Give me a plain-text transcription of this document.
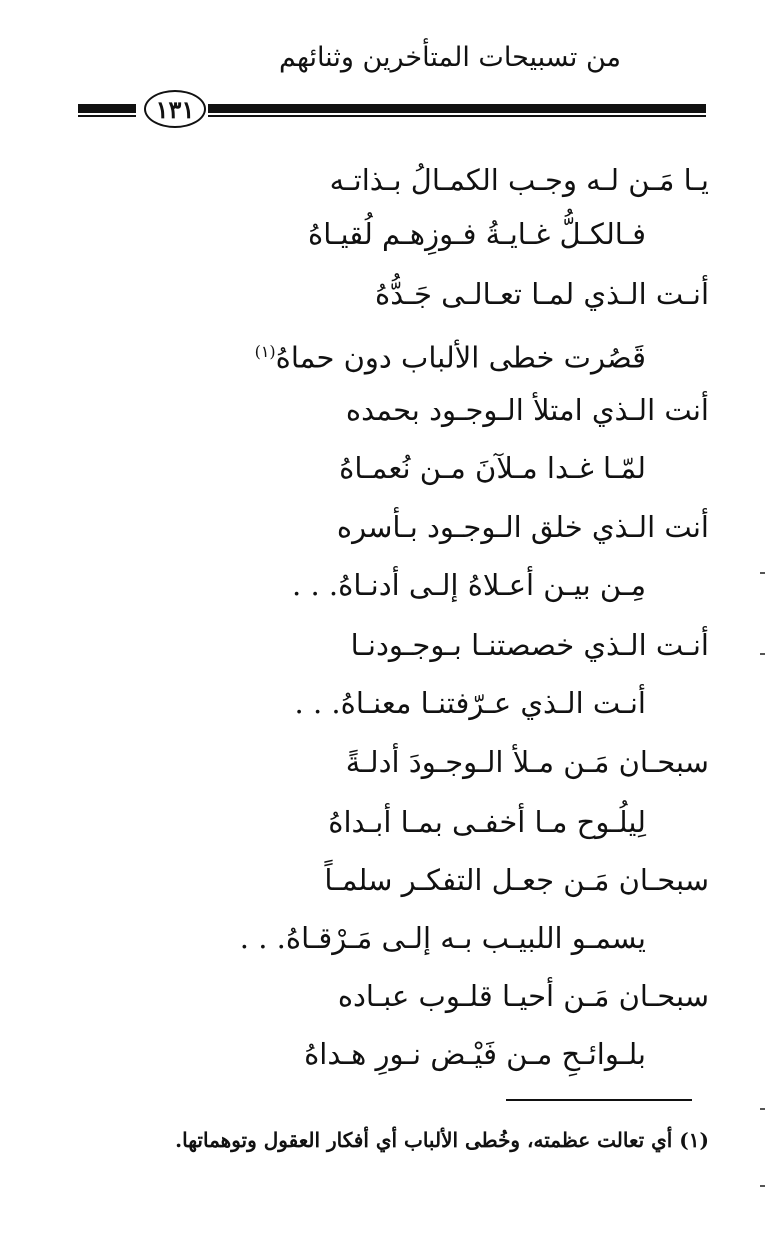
من تسبيحات المتأخرين وثنائهم
١٣١
يـا مَـن لـه وجـب الكمـالُ بـذاتـه
فـالكـلُّ غـايـةُ فـوزِهـم لُقيـاهُ
أنـت الـذي لمـا تعـالـى جَـدُّهُ
قَصُرت خطى الألباب دون حماهُ$^{(١)}$
أنت الـذي امتلأ الـوجـود بحمده
لمّـا غـدا مـلآنَ مـن نُعمـاهُ
أنت الـذي خلق الـوجـود بـأسره
مِـن بيـن أعـلاهُ إلـى أدنـاهُ. . .
أنـت الـذي خصصتنـا بـوجـودنـا
أنـت الـذي عـرّفتنـا معنـاهُ. . .
سبحـان مَـن مـلأ الـوجـودَ أدلـةً
لِيلُـوح مـا أخفـى بمـا أبـداهُ
سبحـان مَـن جعـل التفكـر سلمـاً
يسمـو اللبيـب بـه إلـى مَـرْقـاهُ. . .
سبحـان مَـن أحيـا قلـوب عبـاده
بلـوائـحِ مـن فَيْـض نـورِ هـداهُ
(١) أي تعالت عظمته، وخُطى الألباب أي أفكار العقول وتوهماتها.
